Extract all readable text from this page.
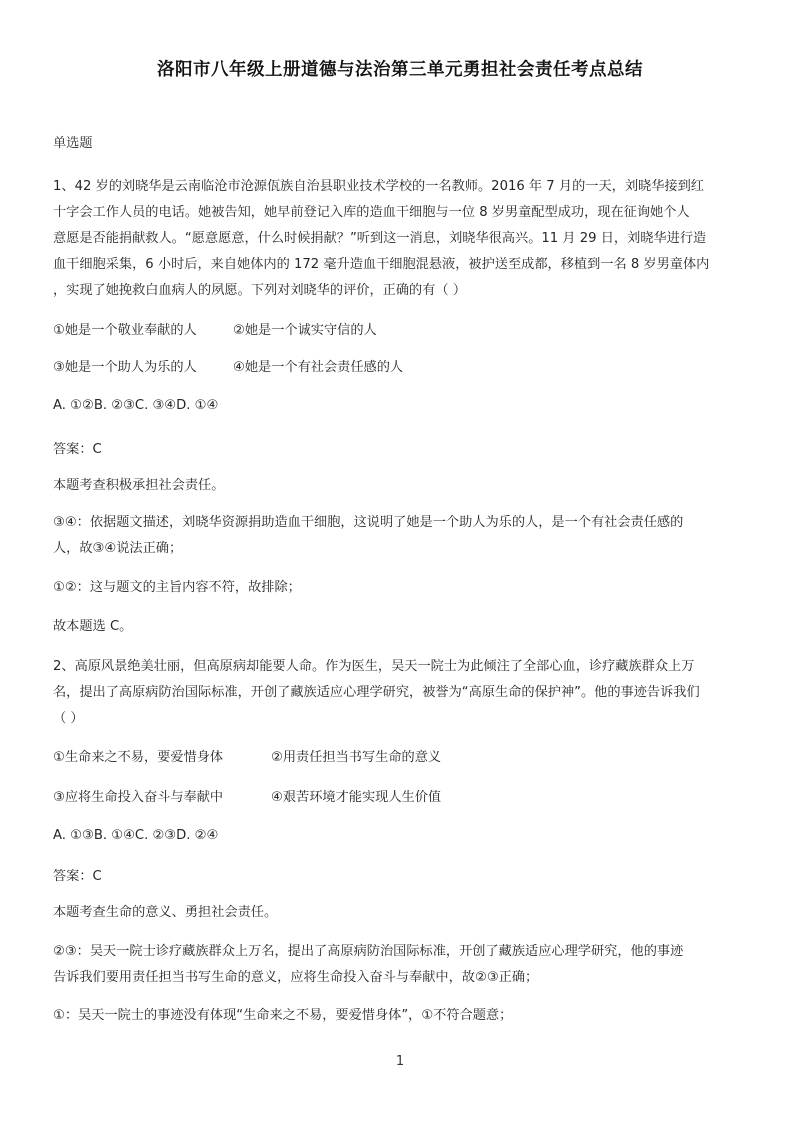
洛阳市八年级上册道德与法治第三单元勇担社会责任考点总结
单选题
1、42 岁的刘晓华是云南临沧市沧源佤族自治县职业技术学校的一名教师。2016 年 7 月的一天，刘晓华接到红
十字会工作人员的电话。她被告知，她早前登记入库的造血干细胞与一位 8 岁男童配型成功，现在征询她个人
意愿是否能捐献救人。“愿意愿意，什么时候捐献？”听到这一消息，刘晓华很高兴。11 月 29 日，刘晓华进行造
血干细胞采集，6 小时后，来自她体内的 172 毫升造血干细胞混悬液，被护送至成都，移植到一名 8 岁男童体内
，实现了她挽救白血病人的夙愿。下列对刘晓华的评价，正确的有（ ）
①她是一个敬业奉献的人	②她是一个诚实守信的人
③她是一个助人为乐的人	④她是一个有社会责任感的人
A. ①②B. ②③C. ③④D. ①④
答案：C
本题考查积极承担社会责任。
③④：依据题文描述，刘晓华资源捐助造血干细胞，这说明了她是一个助人为乐的人，是一个有社会责任感的
人，故③④说法正确；
①②：这与题文的主旨内容不符，故排除；
故本题选 C。
2、高原风景绝美壮丽，但高原病却能要人命。作为医生，吴天一院士为此倾注了全部心血，诊疗藏族群众上万
名，提出了高原病防治国际标准，开创了藏族适应心理学研究，被誉为“高原生命的保护神”。他的事迹告诉我们
（ ）
①生命来之不易，要爱惜身体	②用责任担当书写生命的意义
③应将生命投入奋斗与奉献中	④艰苦环境才能实现人生价值
A. ①③B. ①④C. ②③D. ②④
答案：C
本题考查生命的意义、勇担社会责任。
②③：吴天一院士诊疗藏族群众上万名，提出了高原病防治国际标准，开创了藏族适应心理学研究，他的事迹
告诉我们要用责任担当书写生命的意义，应将生命投入奋斗与奉献中，故②③正确；
①：吴天一院士的事迹没有体现“生命来之不易，要爱惜身体”，①不符合题意；
1
